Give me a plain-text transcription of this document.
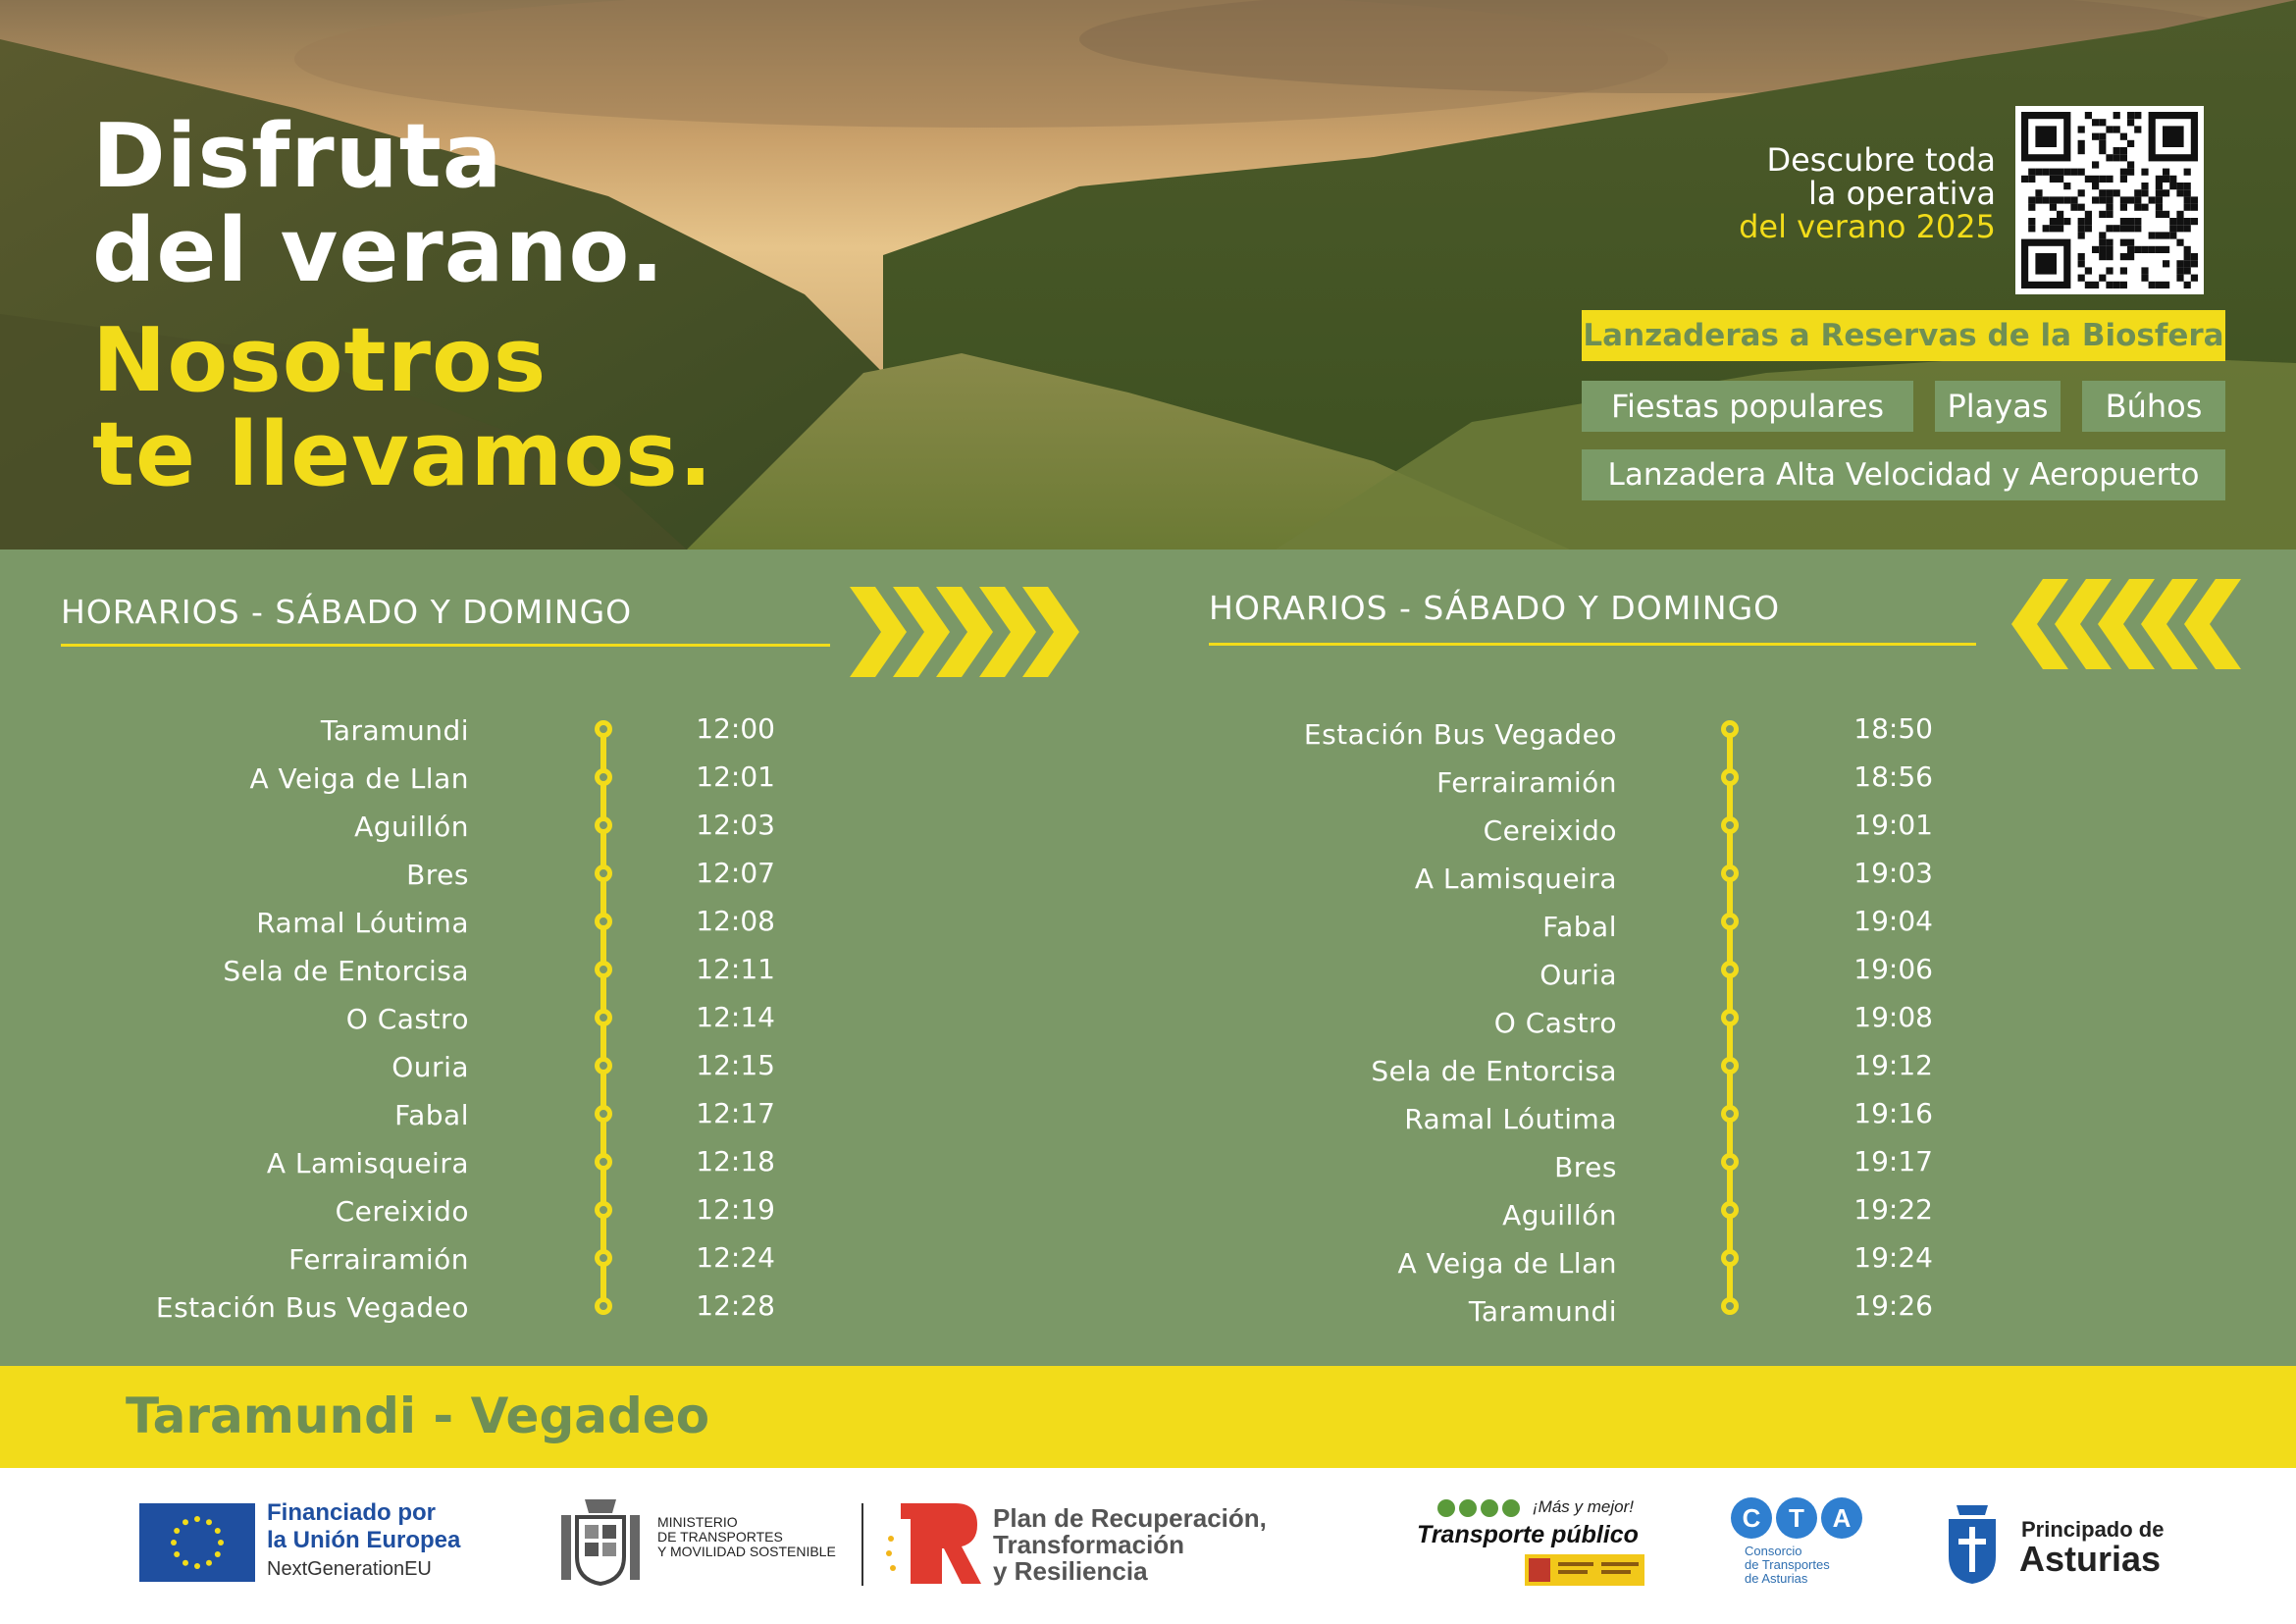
Disfruta
del verano.
Nosotros
te llevamos.
Descubre toda
la operativa
del verano 2025
Lanzaderas a Reservas de la Biosfera
Fiestas populares	Playas	Búhos
Lanzadera Alta Velocidad y Aeropuerto
HORARIOS - SÁBADO Y DOMINGO
Taramundi	12:00
A Veiga de Llan	12:01
Aguillón	12:03
Bres	12:07
Ramal Lóutima	12:08
Sela de Entorcisa	12:11
O Castro	12:14
Ouria	12:15
Fabal	12:17
A Lamisqueira	12:18
Cereixido	12:19
Ferrairamión	12:24
Estación Bus Vegadeo	12:28
HORARIOS - SÁBADO Y DOMINGO
Estación Bus Vegadeo	18:50
Ferrairamión	18:56
Cereixido	19:01
A Lamisqueira	19:03
Fabal	19:04
Ouria	19:06
O Castro	19:08
Sela de Entorcisa	19:12
Ramal Lóutima	19:16
Bres	19:17
Aguillón	19:22
A Veiga de Llan	19:24
Taramundi	19:26
Taramundi - Vegadeo
Financiado por
la Unión Europea
NextGenerationEU
MINISTERIO
DE TRANSPORTES
Y MOVILIDAD SOSTENIBLE
Plan de Recuperación,
Transformación
y Resiliencia
¡Más y mejor!
Transporte público
C	T	A
Consorcio
de Transportes
de Asturias
Principado de
Asturias
